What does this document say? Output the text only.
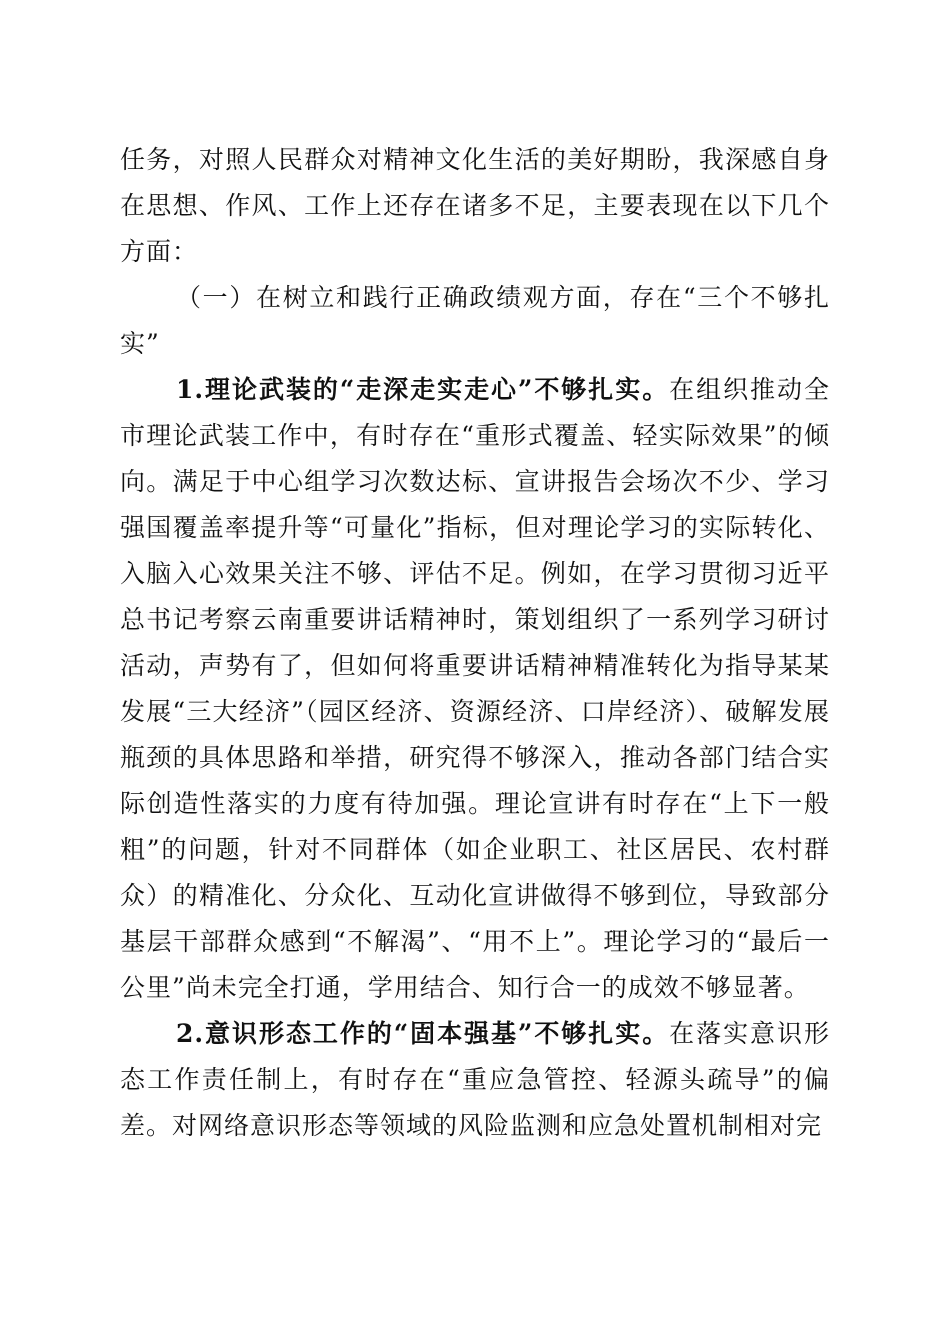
任务，对照人民群众对精神文化生活的美好期盼，我深感自身在思想、作风、工作上还存在诸多不足，主要表现在以下几个方面：

（一）在树立和践行正确政绩观方面，存在“三个不够扎实”

1.理论武装的“走深走实走心”不够扎实。在组织推动全市理论武装工作中，有时存在“重形式覆盖、轻实际效果”的倾向。满足于中心组学习次数达标、宣讲报告会场次不少、学习强国覆盖率提升等“可量化”指标，但对理论学习的实际转化、入脑入心效果关注不够、评估不足。例如，在学习贯彻习近平总书记考察云南重要讲话精神时，策划组织了一系列学习研讨活动，声势有了，但如何将重要讲话精神精准转化为指导某某发展“三大经济”（园区经济、资源经济、口岸经济）、破解发展瓶颈的具体思路和举措，研究得不够深入，推动各部门结合实际创造性落实的力度有待加强。理论宣讲有时存在“上下一般粗”的问题，针对不同群体（如企业职工、社区居民、农村群众）的精准化、分众化、互动化宣讲做得不够到位，导致部分基层干部群众感到“不解渴”、“用不上”。理论学习的“最后一公里”尚未完全打通，学用结合、知行合一的成效不够显著。

2.意识形态工作的“固本强基”不够扎实。在落实意识形态工作责任制上，有时存在“重应急管控、轻源头疏导”的偏差。对网络意识形态等领域的风险监测和应急处置机制相对完
